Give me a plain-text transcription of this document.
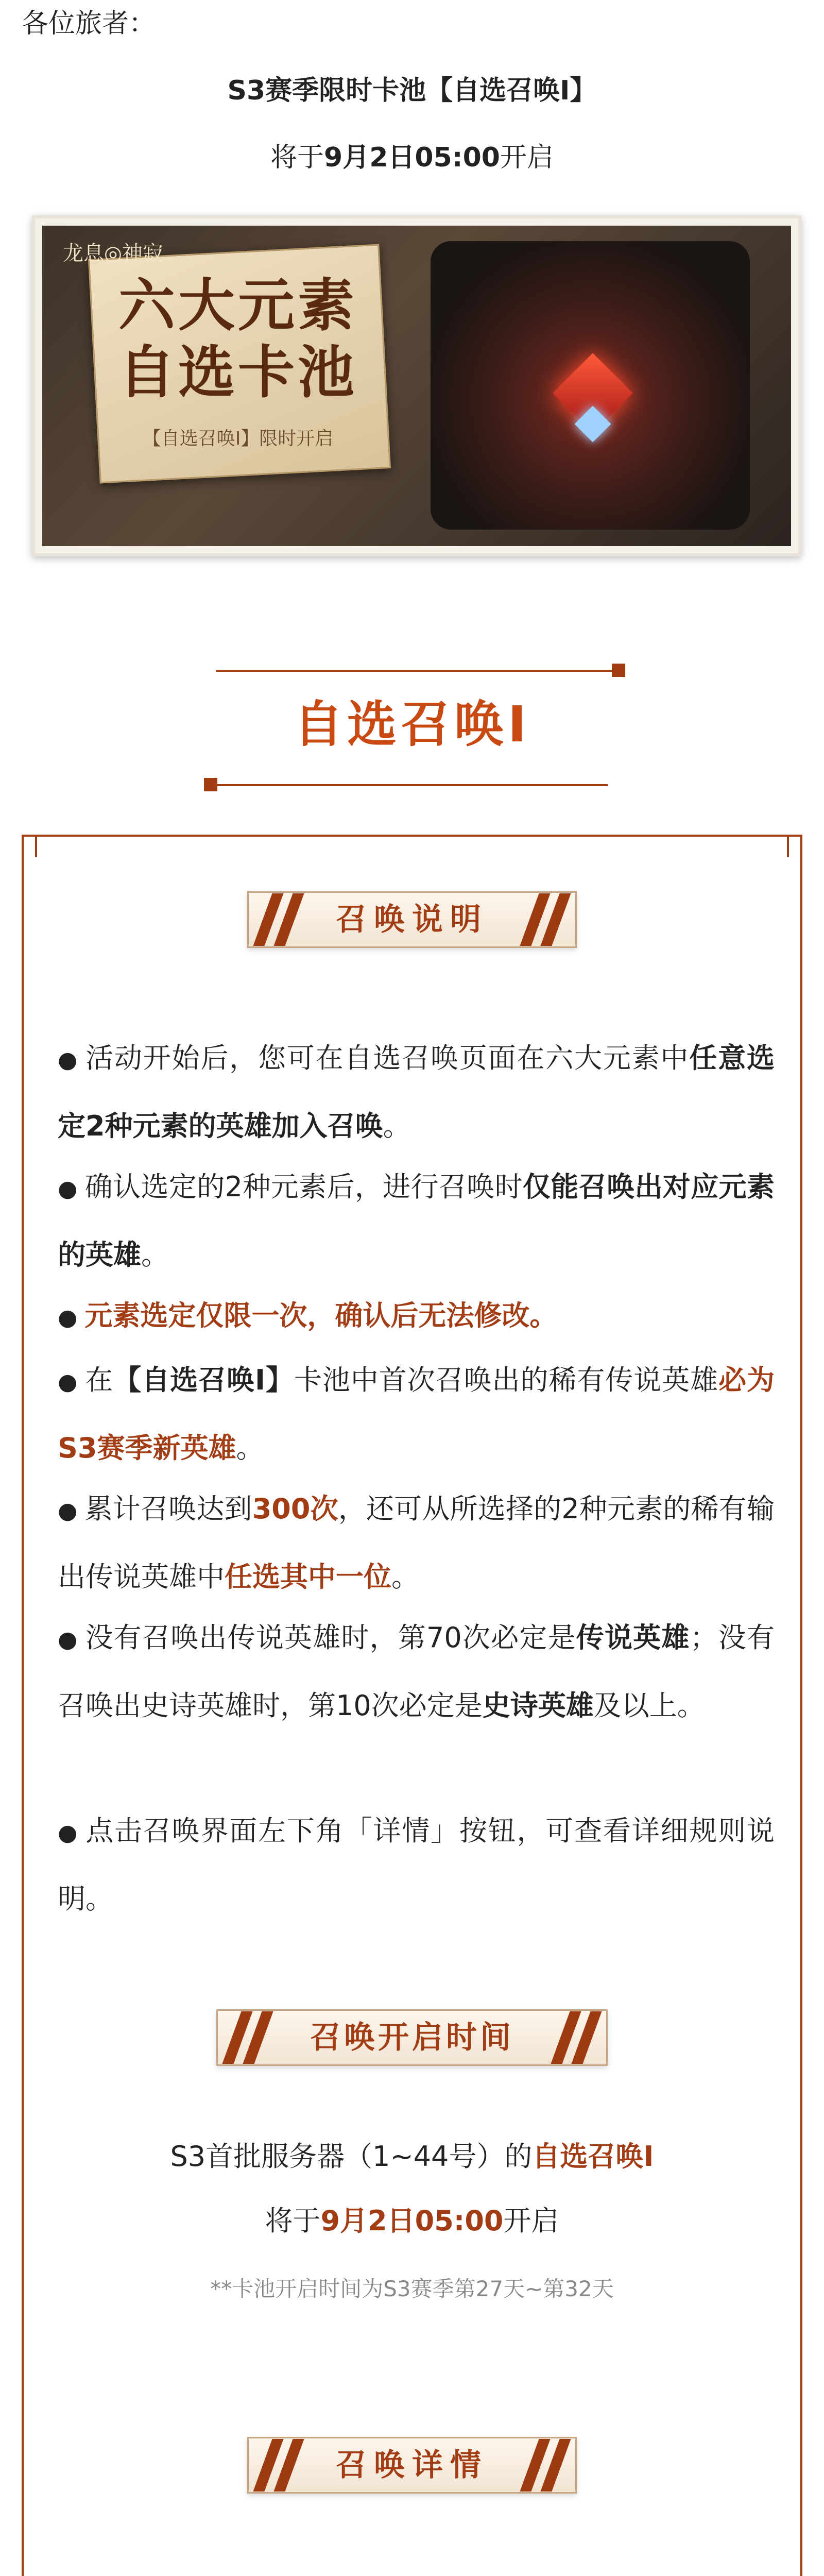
各位旅者：
S3赛季限时卡池【自选召唤Ⅰ】
将于9月2日05:00开启
龙息◎神寂
六大元素
自选卡池
【自选召唤Ⅰ】限时开启
自选召唤Ⅰ
召唤说明
● 活动开始后，您可在自选召唤页面在六大元素中任意选定2种元素的英雄加入召唤。
● 确认选定的2种元素后，进行召唤时仅能召唤出对应元素的英雄。
● 元素选定仅限一次，确认后无法修改。
● 在【自选召唤Ⅰ】卡池中首次召唤出的稀有传说英雄必为S3赛季新英雄。
● 累计召唤达到300次，还可从所选择的2种元素的稀有输出传说英雄中任选其中一位。
● 没有召唤出传说英雄时，第70次必定是传说英雄；没有召唤出史诗英雄时，第10次必定是史诗英雄及以上。
● 点击召唤界面左下角「详情」按钮，可查看详细规则说明。
召唤开启时间
S3首批服务器（1~44号）的自选召唤Ⅰ
将于9月2日05:00开启
**卡池开启时间为S3赛季第27天~第32天
召唤详情
